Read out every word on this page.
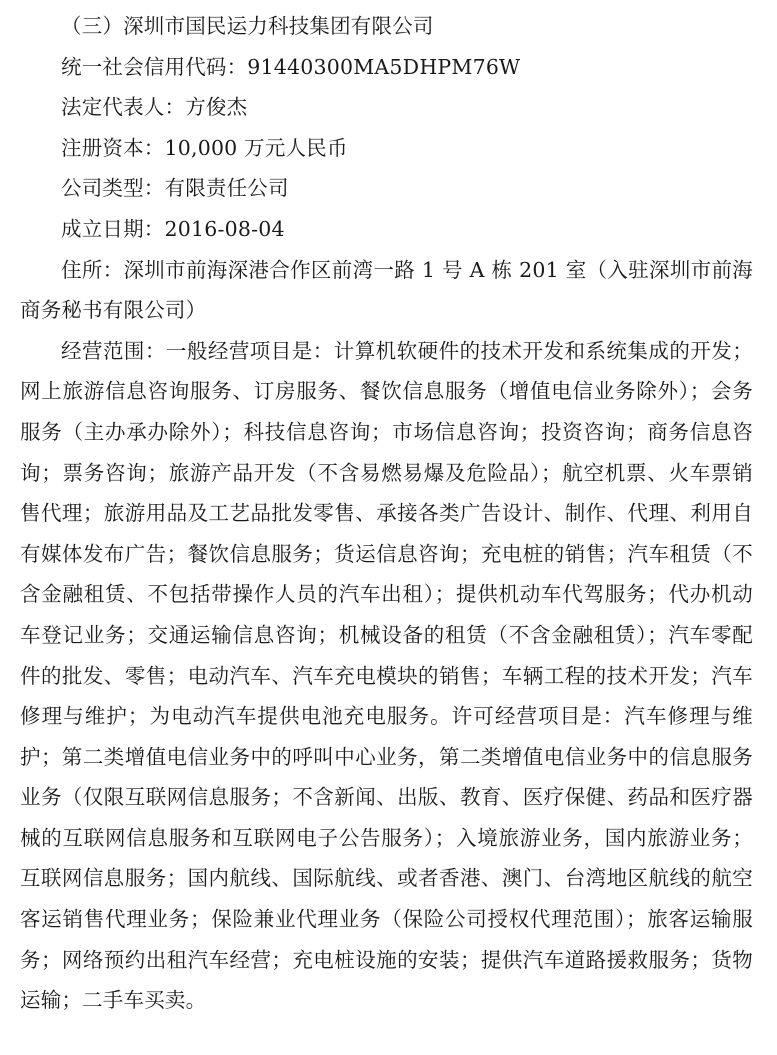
（三）深圳市国民运力科技集团有限公司

统一社会信用代码：91440300MA5DHPM76W

法定代表人：方俊杰

注册资本：10,000 万元人民币

公司类型：有限责任公司

成立日期：2016-08-04

住所：深圳市前海深港合作区前湾一路 1 号 A 栋 201 室（入驻深圳市前海商务秘书有限公司）

经营范围：一般经营项目是：计算机软硬件的技术开发和系统集成的开发；网上旅游信息咨询服务、订房服务、餐饮信息服务（增值电信业务除外）；会务服务（主办承办除外）；科技信息咨询；市场信息咨询；投资咨询；商务信息咨询；票务咨询；旅游产品开发（不含易燃易爆及危险品）；航空机票、火车票销售代理；旅游用品及工艺品批发零售、承接各类广告设计、制作、代理、利用自有媒体发布广告；餐饮信息服务；货运信息咨询；充电桩的销售；汽车租赁（不含金融租赁、不包括带操作人员的汽车出租）；提供机动车代驾服务；代办机动车登记业务；交通运输信息咨询；机械设备的租赁（不含金融租赁）；汽车零配件的批发、零售；电动汽车、汽车充电模块的销售；车辆工程的技术开发；汽车修理与维护；为电动汽车提供电池充电服务。许可经营项目是：汽车修理与维护；第二类增值电信业务中的呼叫中心业务，第二类增值电信业务中的信息服务业务（仅限互联网信息服务；不含新闻、出版、教育、医疗保健、药品和医疗器械的互联网信息服务和互联网电子公告服务）；入境旅游业务，国内旅游业务；互联网信息服务；国内航线、国际航线、或者香港、澳门、台湾地区航线的航空客运销售代理业务；保险兼业代理业务（保险公司授权代理范围）；旅客运输服务；网络预约出租汽车经营；充电桩设施的安装；提供汽车道路援救服务；货物运输；二手车买卖。
